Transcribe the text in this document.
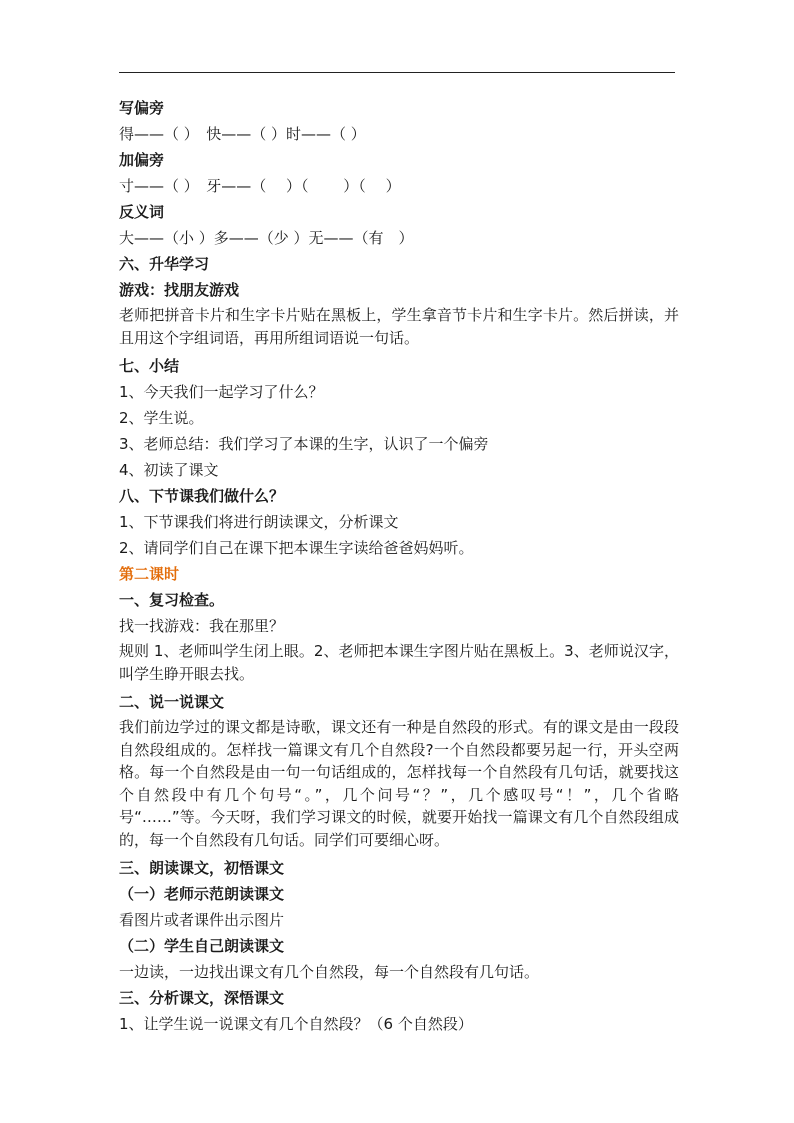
写偏旁
得——（ ）　快——（ ）时——（ ）
加偏旁
寸——（ ）　牙——（　 ）（　　 ）（　 ）
反义词
大——（小 ）多——（少 ）无——（有　）
六、升华学习
游戏：找朋友游戏
老师把拼音卡片和生字卡片贴在黑板上，学生拿音节卡片和生字卡片。然后拼读，并且用这个字组词语，再用所组词语说一句话。
七、小结
1、今天我们一起学习了什么？
2、学生说。
3、老师总结：我们学习了本课的生字，认识了一个偏旁
4、初读了课文
八、下节课我们做什么？
1、下节课我们将进行朗读课文，分析课文
2、请同学们自己在课下把本课生字读给爸爸妈妈听。
第二课时
一、复习检查。
找一找游戏：我在那里？
规则 1、老师叫学生闭上眼。2、老师把本课生字图片贴在黑板上。3、老师说汉字，叫学生睁开眼去找。
二、说一说课文
我们前边学过的课文都是诗歌，课文还有一种是自然段的形式。有的课文是由一段段自然段组成的。怎样找一篇课文有几个自然段?一个自然段都要另起一行，开头空两格。每一个自然段是由一句一句话组成的，怎样找每一个自然段有几句话，就要找这个自然段中有几个句号“。”，几个问号“？”，几个感叹号“！”，几个省略号“……”等。今天呀，我们学习课文的时候，就要开始找一篇课文有几个自然段组成的，每一个自然段有几句话。同学们可要细心呀。
三、朗读课文，初悟课文
（一）老师示范朗读课文
看图片或者课件出示图片
（二）学生自己朗读课文
一边读，一边找出课文有几个自然段，每一个自然段有几句话。
三、分析课文，深悟课文
1、让学生说一说课文有几个自然段？（6 个自然段）
